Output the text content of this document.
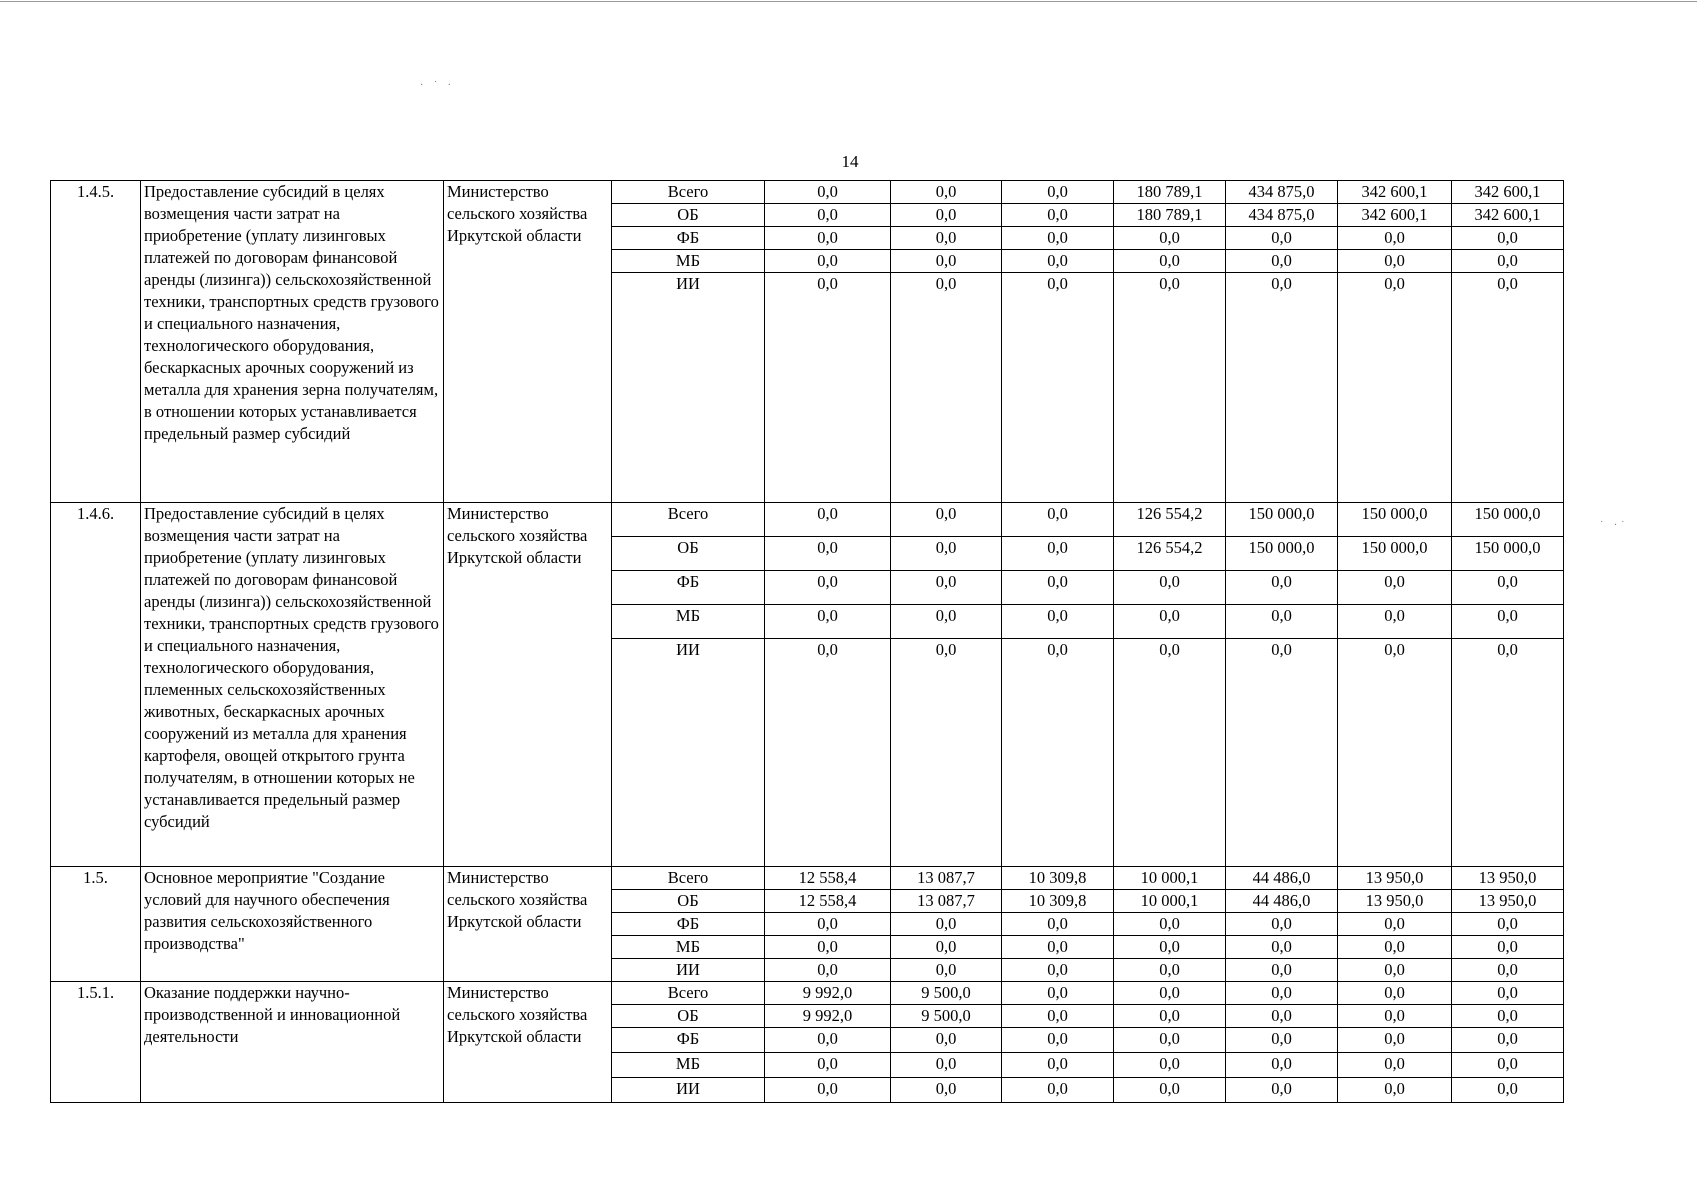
14
1.4.5.	Предоставление субсидий в целях возмещения части затрат на приобретение (уплату лизинговых платежей по договорам финансовой аренды (лизинга)) сельскохозяйственной техники, транспортных средств грузового и специального назначения, технологического оборудования, бескаркасных арочных сооружений из металла для хранения зерна получателям, в отношении которых устанавливается предельный размер субсидий	Министерство сельского хозяйства Иркутской области	Всего	0,0	0,0	0,0	180 789,1	434 875,0	342 600,1	342 600,1
			ОБ	0,0	0,0	0,0	180 789,1	434 875,0	342 600,1	342 600,1
			ФБ	0,0	0,0	0,0	0,0	0,0	0,0	0,0
			МБ	0,0	0,0	0,0	0,0	0,0	0,0	0,0
			ИИ	0,0	0,0	0,0	0,0	0,0	0,0	0,0
1.4.6.	Предоставление субсидий в целях возмещения части затрат на приобретение (уплату лизинговых платежей по договорам финансовой аренды (лизинга)) сельскохозяйственной техники, транспортных средств грузового и специального назначения, технологического оборудования, племенных сельскохозяйственных животных, бескаркасных арочных сооружений из металла для хранения картофеля, овощей открытого грунта получателям, в отношении которых не устанавливается предельный размер субсидий	Министерство сельского хозяйства Иркутской области	Всего	0,0	0,0	0,0	126 554,2	150 000,0	150 000,0	150 000,0
			ОБ	0,0	0,0	0,0	126 554,2	150 000,0	150 000,0	150 000,0
			ФБ	0,0	0,0	0,0	0,0	0,0	0,0	0,0
			МБ	0,0	0,0	0,0	0,0	0,0	0,0	0,0
			ИИ	0,0	0,0	0,0	0,0	0,0	0,0	0,0
1.5.	Основное мероприятие "Создание условий для научного обеспечения развития сельскохозяйственного производства"	Министерство сельского хозяйства Иркутской области	Всего	12 558,4	13 087,7	10 309,8	10 000,1	44 486,0	13 950,0	13 950,0
			ОБ	12 558,4	13 087,7	10 309,8	10 000,1	44 486,0	13 950,0	13 950,0
			ФБ	0,0	0,0	0,0	0,0	0,0	0,0	0,0
			МБ	0,0	0,0	0,0	0,0	0,0	0,0	0,0
			ИИ	0,0	0,0	0,0	0,0	0,0	0,0	0,0
1.5.1.	Оказание поддержки научно-производственной и инновационной деятельности	Министерство сельского хозяйства Иркутской области	Всего	9 992,0	9 500,0	0,0	0,0	0,0	0,0	0,0
			ОБ	9 992,0	9 500,0	0,0	0,0	0,0	0,0	0,0
			ФБ	0,0	0,0	0,0	0,0	0,0	0,0	0,0
			МБ	0,0	0,0	0,0	0,0	0,0	0,0	0,0
			ИИ	0,0	0,0	0,0	0,0	0,0	0,0	0,0
· ˙ ·
˙ ·˙
